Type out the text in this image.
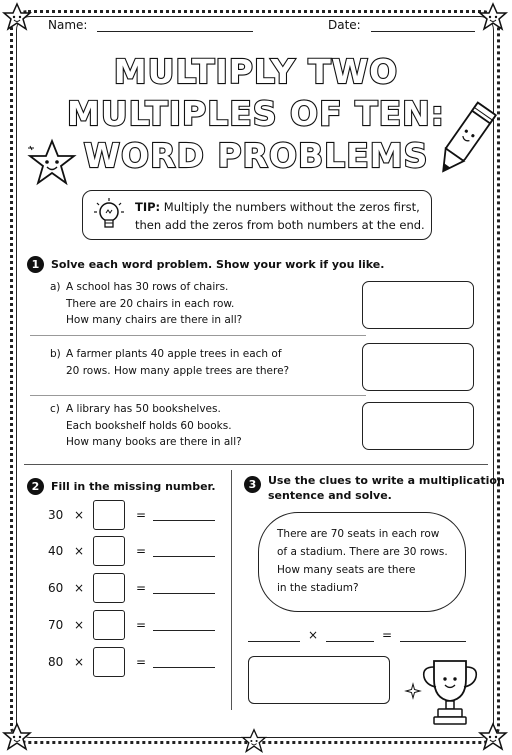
Name:	Date:
MULTIPLY TWO
MULTIPLES OF TEN:
WORD PROBLEMS
TIP: Multiply the numbers without the zeros first,
then add the zeros from both numbers at the end.
1	Solve each word problem. Show your work if you like.
a) A school has 30 rows of chairs.
There are 20 chairs in each row.
How many chairs are there in all?
b) A farmer plants 40 apple trees in each of
20 rows. How many apple trees are there?
c) A library has 50 bookshelves.
Each bookshelf holds 60 books.
How many books are there in all?
2	Fill in the missing number.
30 ×	=
40 ×	=
60 ×	=
70 ×	=
80 ×	=
3	Use the clues to write a multiplication
sentence and solve.
There are 70 seats in each row
of a stadium. There are 30 rows.
How many seats are there
in the stadium?
×	=
